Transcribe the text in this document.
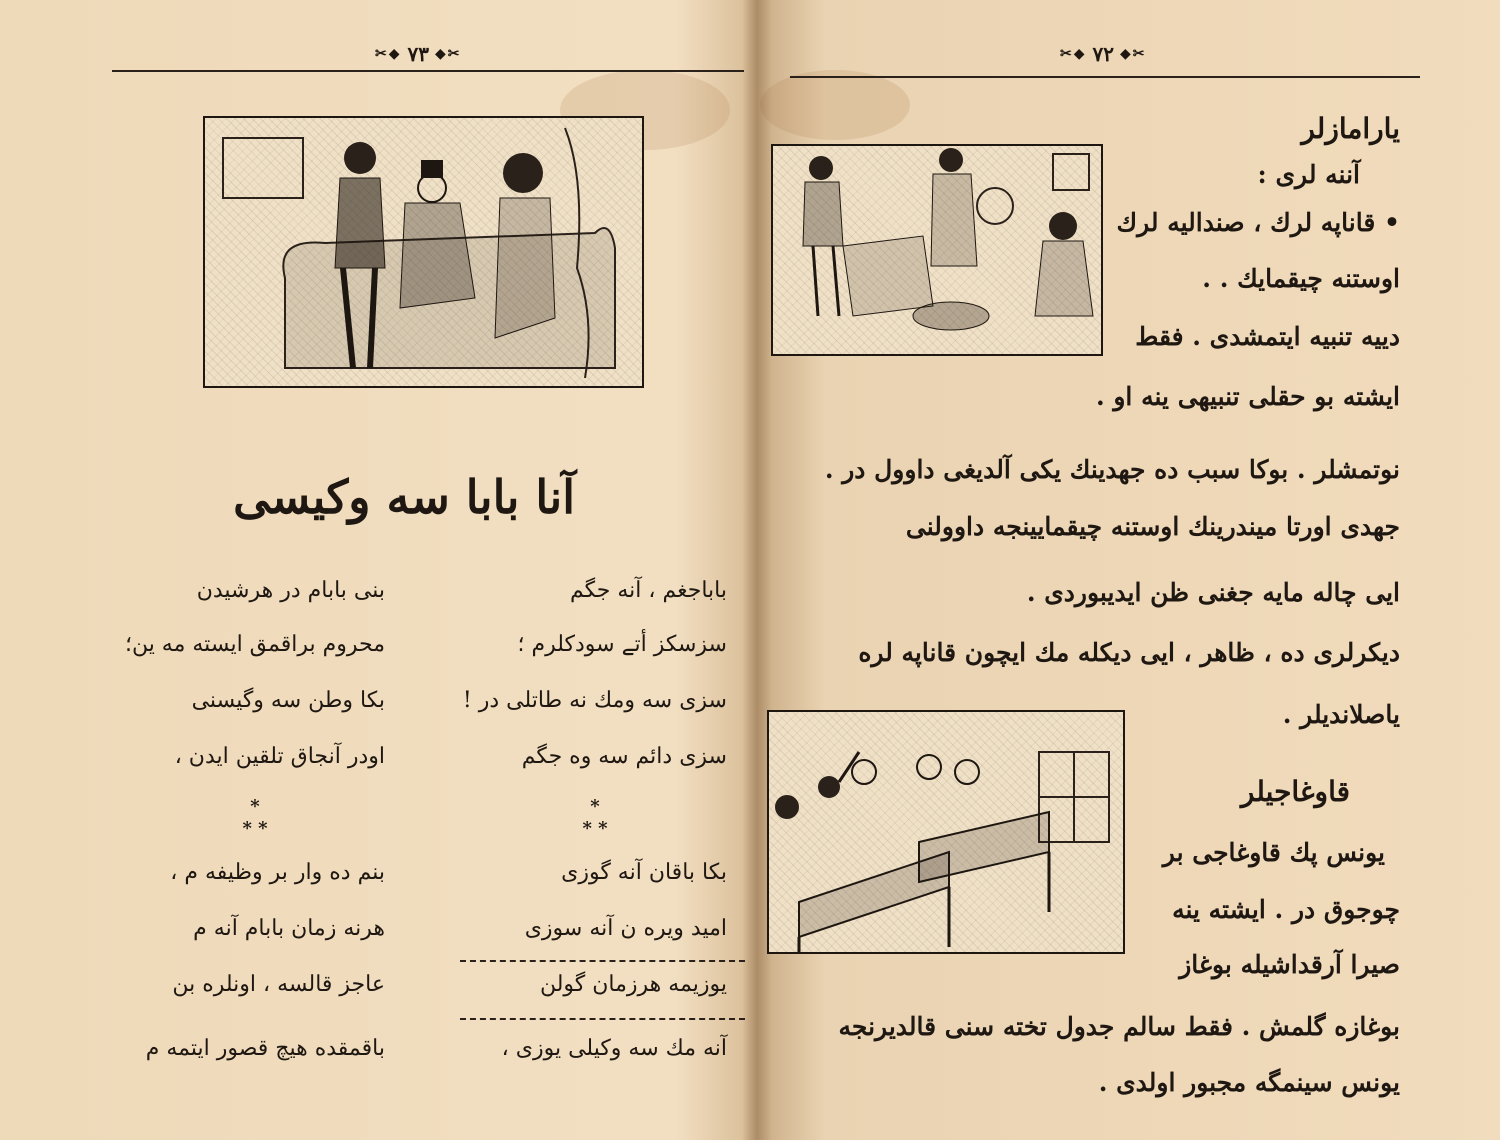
✂◆ ٧٣ ◆✂
آنا بابا سه وکیسی
باباجغم ، آنه جگم
سزسکز أتے سودکلرم ؛
سزی سه ومك نه طاتلی در !
سزی دائم سه وه جگم
*
* *
بکا باقان آنه گوزی
امید ویره ن آنه سوزی
یوزیمه هرزمان گولن
آنه مك سه وکیلی یوزی ،
بنی بابام در هرشیدن
محروم براقمق ایسته مه ین؛
بکا وطن سه وگیسنی
اودر آنجاق تلقین ایدن ،
*
* *
بنم ده وار بر وظیفه م ،
هرنه زمان بابام آنه م
عاجز قالسه ، اونلره بن
باقمقده هیچ قصور ایتمه م
✂◆ ٧٢ ◆✂
یارامازلر
آننه لری :
• قاناپه لرك ، صندالیه لرك
اوستنه چیقمایك . .
دییه تنبیه ایتمشدی . فقط
ایشته بو حقلی تنبیهی ینه او .
نوتمشلر . بوکا سبب ده جهدینك یکی آلدیغی داوول در .
جهدی اورتا میندرینك اوستنه چیقمایینجه داوولنی
ایی چاله مایه جغنی ظن ایدیبوردی .
دیکرلری ده ، ظاهر ، ایی دیکله مك ایچون قاناپه لره
یاصلاندیلر .
قاوغاجیلر
یونس پك قاوغاجی بر
چوجوق در . ایشته ینه
صیرا آرقداشیله بوغاز
بوغازه گلمش . فقط سالم جدول تخته سنی قالدیرنجه
یونس سینمگه مجبور اولدی .
